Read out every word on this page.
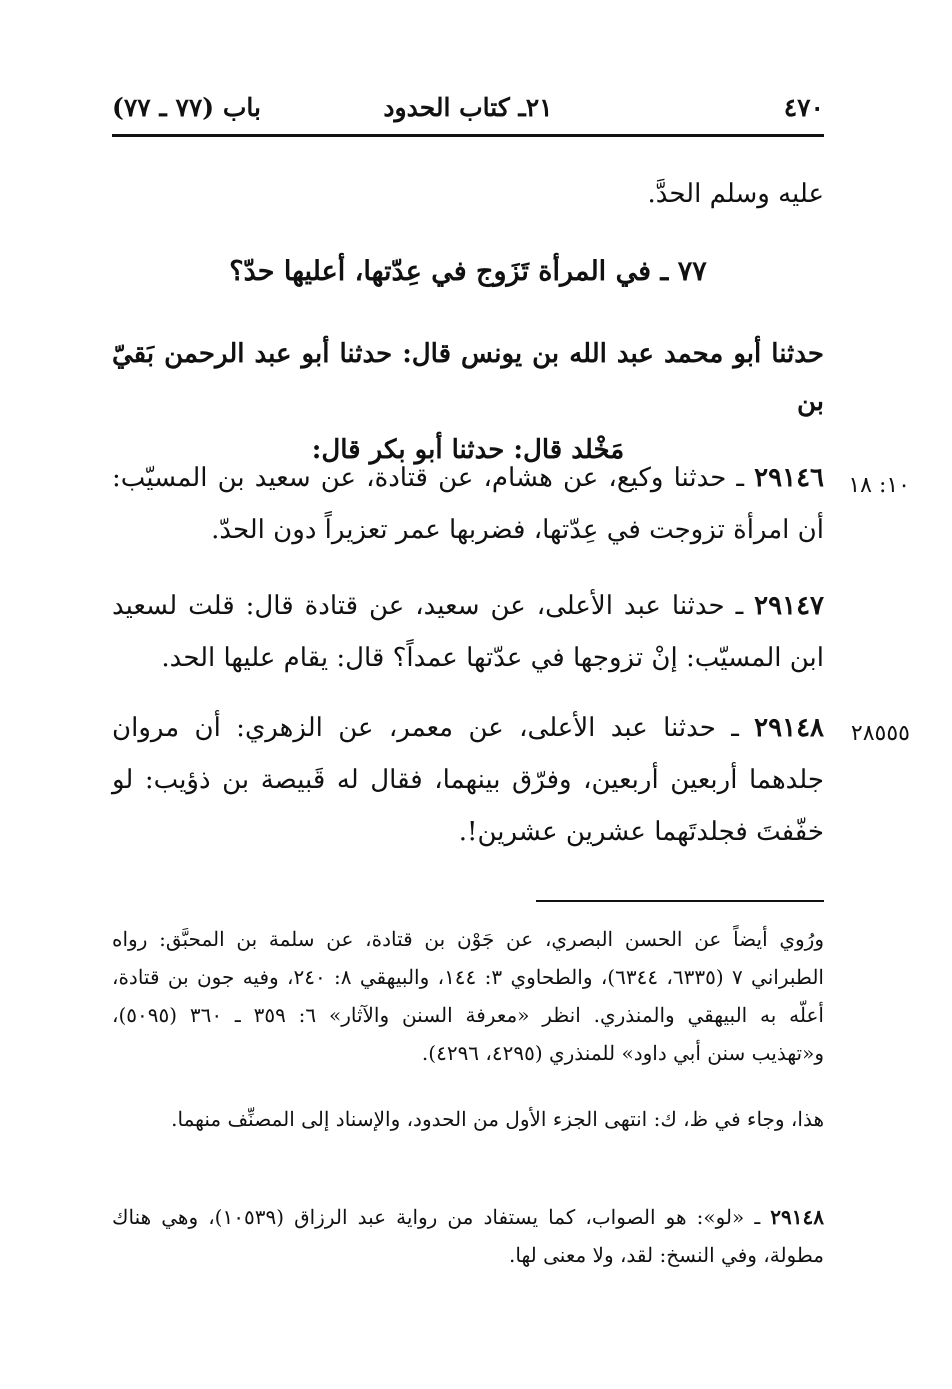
٤٧٠
٢١ـ كتاب الحدود
باب (٧٧ ـ ٧٧)
عليه وسلم الحدَّ.
٧٧ ـ في المرأة تَزَوج في عِدّتها، أعليها حدّ؟
حدثنا أبو محمد عبد الله بن يونس قال: حدثنا أبو عبد الرحمن بَقيّ بن
مَخْلد قال: حدثنا أبو بكر قال:
١٠: ١٨
٢٩١٤٦ ـ حدثنا وكيع، عن هشام، عن قتادة، عن سعيد بن المسيّب: أن امرأة تزوجت في عِدّتها، فضربها عمر تعزيراً دون الحدّ.
٢٩١٤٧ ـ حدثنا عبد الأعلى، عن سعيد، عن قتادة قال: قلت لسعيد ابن المسيّب: إنْ تزوجها في عدّتها عمداً؟ قال: يقام عليها الحد.
٢٨٥٥٥
٢٩١٤٨ ـ حدثنا عبد الأعلى، عن معمر، عن الزهري: أن مروان جلدهما أربعين أربعين، وفرّق بينهما، فقال له قَبيصة بن ذؤيب: لو خفّفتَ فجلدتَهما عشرين عشرين!.
ورُوي أيضاً عن الحسن البصري، عن جَوْن بن قتادة، عن سلمة بن المحبَّق: رواه الطبراني ٧ (٦٣٣٥، ٦٣٤٤)، والطحاوي ٣: ١٤٤، والبيهقي ٨: ٢٤٠، وفيه جون بن قتادة، أعلّه به البيهقي والمنذري. انظر «معرفة السنن والآثار» ٦: ٣٥٩ ـ ٣٦٠ (٥٠٩٥)، و«تهذيب سنن أبي داود» للمنذري (٤٢٩٥، ٤٢٩٦).
هذا، وجاء في ظ، ك: انتهى الجزء الأول من الحدود، والإسناد إلى المصنِّف منهما.
٢٩١٤٨ ـ «لو»: هو الصواب، كما يستفاد من رواية عبد الرزاق (١٠٥٣٩)، وهي هناك مطولة، وفي النسخ: لقد، ولا معنى لها.
